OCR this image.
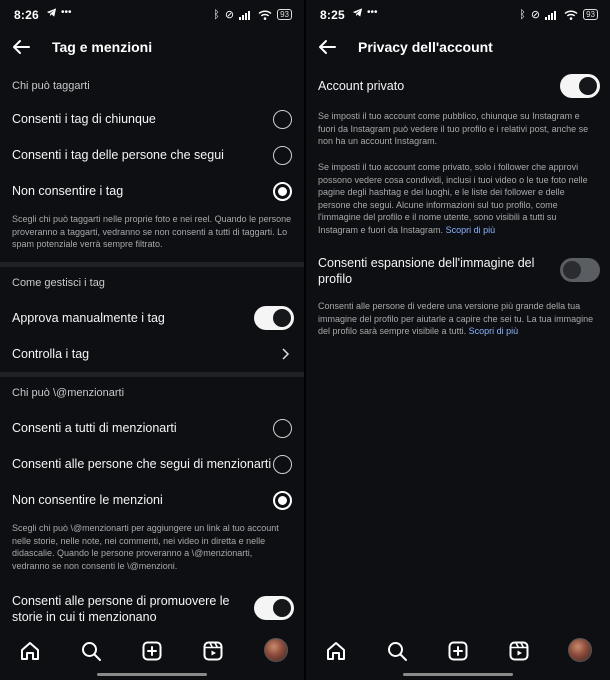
8:26 •••	ᛒ ⊘	93
Tag e menzioni
Chi può taggarti
Consenti i tag di chiunque
Consenti i tag delle persone che segui
Non consentire i tag
Scegli chi può taggarti nelle proprie foto e nei reel. Quando le persone proveranno a taggarti, vedranno se non consenti a tutti di taggarti. Lo spam potenziale verrà sempre filtrato.
Come gestisci i tag
Approva manualmente i tag
Controlla i tag
Chi può \@menzionarti
Consenti a tutti di menzionarti
Consenti alle persone che segui di menzionarti
Non consentire le menzioni
Scegli chi può \@menzionarti per aggiungere un link al tuo account nelle storie, nelle note, nei commenti, nei video in diretta e nelle didascalie. Quando le persone proveranno a \@menzionarti, vedranno se non consenti le \@menzioni.
Consenti alle persone di promuovere le storie in cui ti menzionano
8:25 •••	ᛒ ⊘	93
Privacy dell'account
Account privato
Se imposti il tuo account come pubblico, chiunque su Instagram e fuori da Instagram può vedere il tuo profilo e i relativi post, anche se non ha un account Instagram.
Se imposti il tuo account come privato, solo i follower che approvi possono vedere cosa condividi, inclusi i tuoi video o le tue foto nelle pagine degli hashtag e dei luoghi, e le liste dei follower e delle persone che segui. Alcune informazioni sul tuo profilo, come l'immagine del profilo e il nome utente, sono visibili a tutti su Instagram e fuori da Instagram. Scopri di più
Consenti espansione dell'immagine del profilo
Consenti alle persone di vedere una versione più grande della tua immagine del profilo per aiutarle a capire che sei tu. La tua immagine del profilo sarà sempre visibile a tutti. Scopri di più
